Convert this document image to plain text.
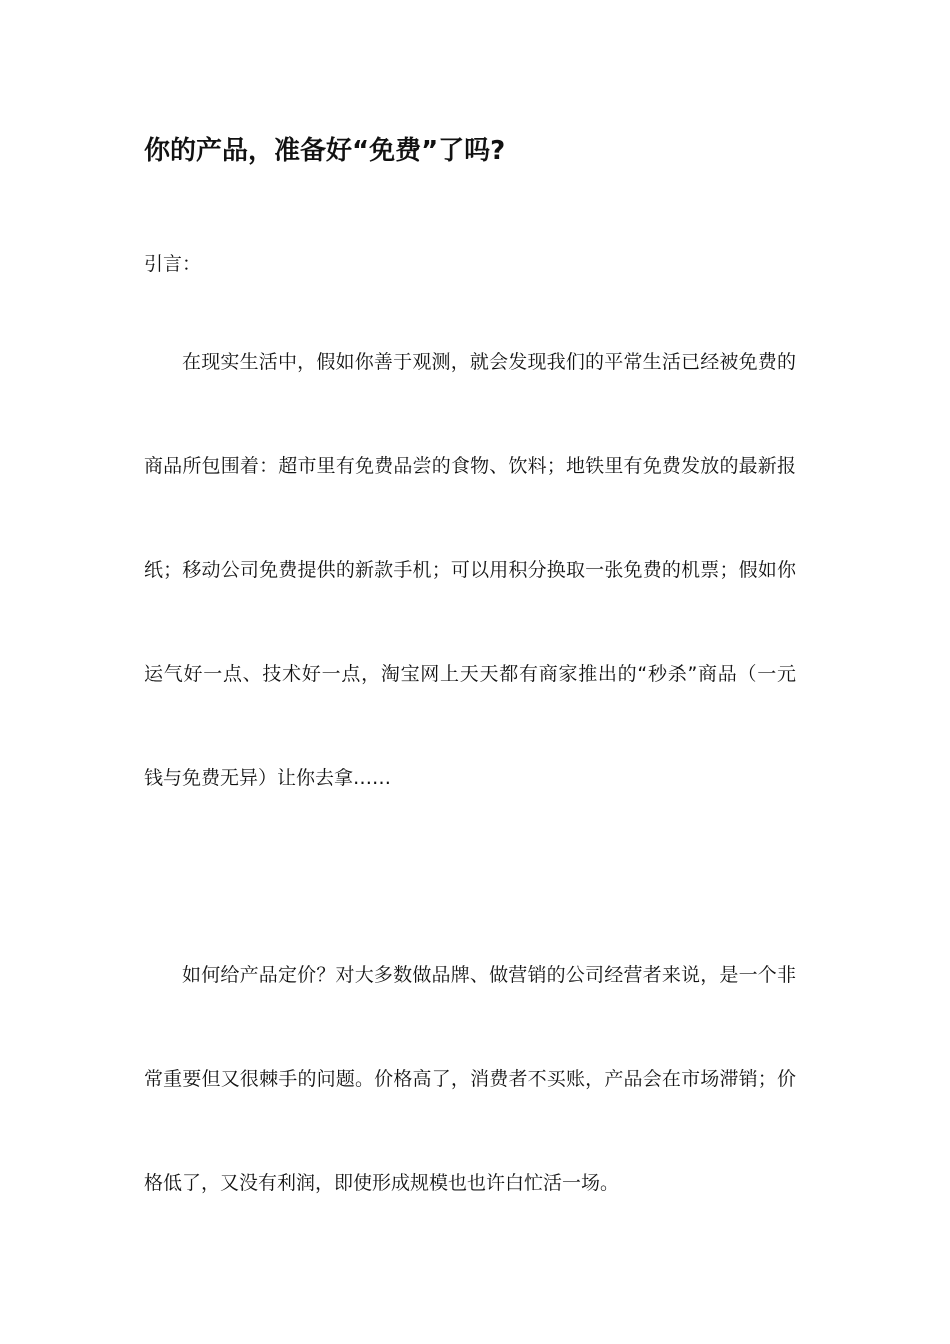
你的产品，准备好“免费”了吗?

引言：

在现实生活中，假如你善于观测，就会发现我们的平常生活已经被免费的
商品所包围着：超市里有免费品尝的食物、饮料；地铁里有免费发放的最新报
纸；移动公司免费提供的新款手机；可以用积分换取一张免费的机票；假如你
运气好一点、技术好一点，淘宝网上天天都有商家推出的“秒杀”商品（一元
钱与免费无异）让你去拿……
如何给产品定价？对大多数做品牌、做营销的公司经营者来说，是一个非
常重要但又很棘手的问题。价格高了，消费者不买账，产品会在市场滞销；价
格低了，又没有利润，即使形成规模也也许白忙活一场。
